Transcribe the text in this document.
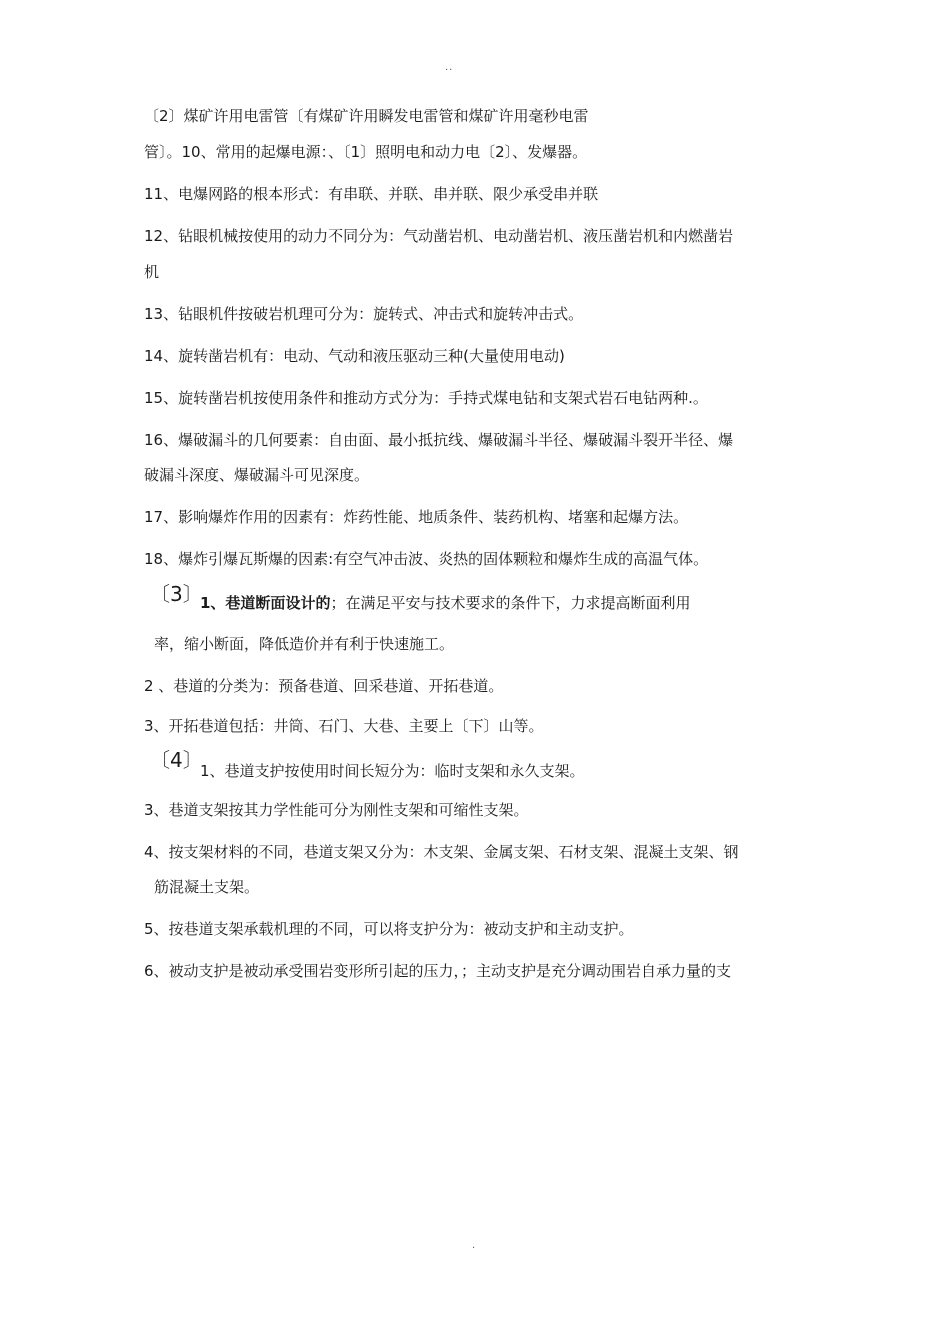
..
〔2〕煤矿许用电雷管〔有煤矿许用瞬发电雷管和煤矿许用毫秒电雷
管〕。10、常用的起爆电源：、〔1〕照明电和动力电〔2〕、发爆器。
11、电爆网路的根本形式：有串联、并联、串并联、限少承受串并联
12、钻眼机械按使用的动力不同分为：气动凿岩机、电动凿岩机、液压凿岩机和内燃凿岩
机
13、钻眼机件按破岩机理可分为：旋转式、冲击式和旋转冲击式。
14、旋转凿岩机有：电动、气动和液压驱动三种(大量使用电动)
15、旋转凿岩机按使用条件和推动方式分为：手持式煤电钻和支架式岩石电钻两种.。
16、爆破漏斗的几何要素：自由面、最小抵抗线、爆破漏斗半径、爆破漏斗裂开半径、爆
破漏斗深度、爆破漏斗可见深度。
17、影响爆炸作用的因素有：炸药性能、地质条件、装药机构、堵塞和起爆方法。
18、爆炸引爆瓦斯爆的因素:有空气冲击波、炎热的固体颗粒和爆炸生成的高温气体。
〔3〕
1、巷道断面设计的；在满足平安与技术要求的条件下，力求提高断面利用
率，缩小断面，降低造价并有利于快速施工。
2 、巷道的分类为：预备巷道、回采巷道、开拓巷道。
3、开拓巷道包括：井筒、石门、大巷、主要上〔下〕山等。
〔4〕
1、巷道支护按使用时间长短分为：临时支架和永久支架。
3、巷道支架按其力学性能可分为刚性支架和可缩性支架。
4、按支架材料的不同，巷道支架又分为：木支架、金属支架、石材支架、混凝土支架、钢
筋混凝土支架。
5、按巷道支架承载机理的不同，可以将支护分为：被动支护和主动支护。
6、被动支护是被动承受围岩变形所引起的压力，；主动支护是充分调动围岩自承力量的支
.
